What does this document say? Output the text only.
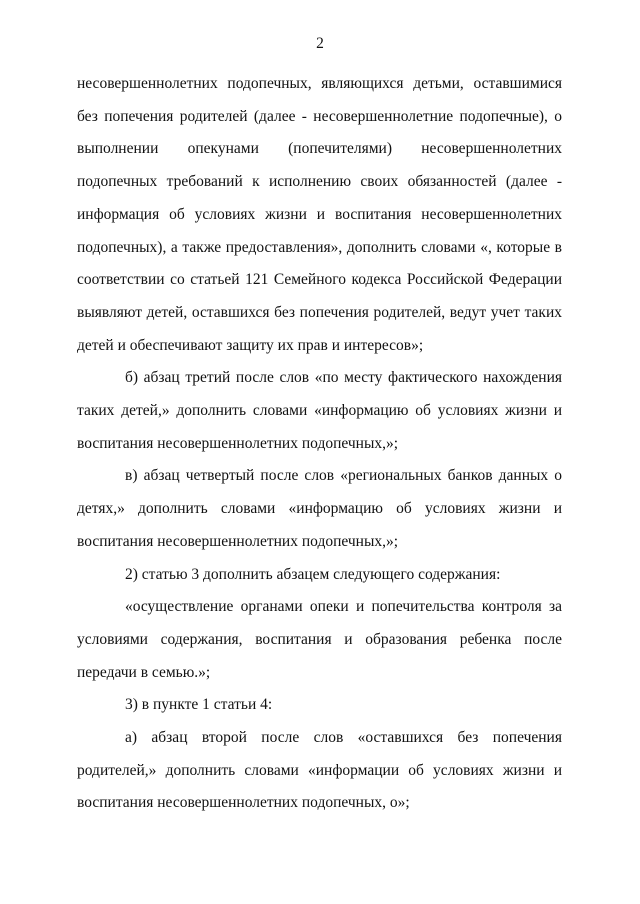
2

несовершеннолетних подопечных, являющихся детьми, оставшимися без попечения родителей (далее - несовершеннолетние подопечные), о выполнении опекунами (попечителями) несовершеннолетних подопечных требований к исполнению своих обязанностей (далее - информация об условиях жизни и воспитания несовершеннолетних подопечных), а также предоставления», дополнить словами «, которые в соответствии со статьей 121 Семейного кодекса Российской Федерации выявляют детей, оставшихся без попечения родителей, ведут учет таких детей и обеспечивают защиту их прав и интересов»;

б) абзац третий после слов «по месту фактического нахождения таких детей,» дополнить словами «информацию об условиях жизни и воспитания несовершеннолетних подопечных,»;

в) абзац четвертый после слов «региональных банков данных о детях,» дополнить словами «информацию об условиях жизни и воспитания несовершеннолетних подопечных,»;

2) статью 3 дополнить абзацем следующего содержания:

«осуществление органами опеки и попечительства контроля за условиями содержания, воспитания и образования ребенка после передачи в семью.»;

3) в пункте 1 статьи 4:

а) абзац второй после слов «оставшихся без попечения родителей,» дополнить словами «информации об условиях жизни и воспитания несовершеннолетних подопечных, о»;
